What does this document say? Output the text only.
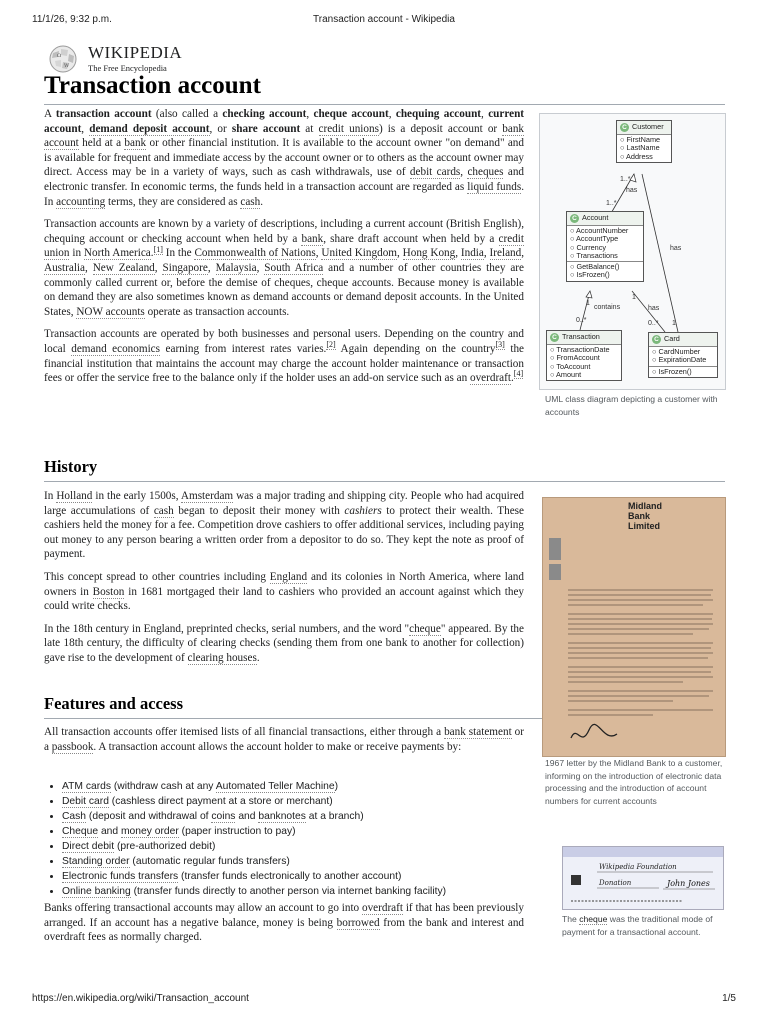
11/1/26, 9:32 p.m.	Transaction account - Wikipedia
Ω
W
WIKIPEDIA
The Free Encyclopedia
Transaction account

A transaction account (also called a checking account, cheque account, chequing account, current account, demand deposit account, or share account at credit unions) is a deposit account or bank account held at a bank or other financial institution. It is available to the account owner "on demand" and is available for frequent and immediate access by the account owner or to others as the account owner may direct. Access may be in a variety of ways, such as cash withdrawals, use of debit cards, cheques and electronic transfer. In economic terms, the funds held in a transaction account are regarded as liquid funds. In accounting terms, they are considered as cash.

Transaction accounts are known by a variety of descriptions, including a current account (British English), chequing account or checking account when held by a bank, share draft account when held by a credit union in North America.[1] In the Commonwealth of Nations, United Kingdom, Hong Kong, India, Ireland, Australia, New Zealand, Singapore, Malaysia, South Africa and a number of other countries they are commonly called current or, before the demise of cheques, cheque accounts. Because money is available on demand they are also sometimes known as demand accounts or demand deposit accounts. In the United States, NOW accounts operate as transaction accounts.

Transaction accounts are operated by both businesses and personal users. Depending on the country and local demand economics earning from interest rates varies.[2] Again depending on the country[3] the financial institution that maintains the account may charge the account holder maintenance or transaction fees or offer the service free to the balance only if the holder uses an add-on service such as an overdraft.[4]

History

In Holland in the early 1500s, Amsterdam was a major trading and shipping city. People who had acquired large accumulations of cash began to deposit their money with cashiers to protect their wealth. These cashiers held the money for a fee. Competition drove cashiers to offer additional services, including paying out money to any person bearing a written order from a depositor to do so. They kept the note as proof of payment.

This concept spread to other countries including England and its colonies in North America, where land owners in Boston in 1681 mortgaged their land to cashiers who provided an account against which they could write checks.

In the 18th century in England, preprinted checks, serial numbers, and the word "cheque" appeared. By the late 18th century, the difficulty of clearing checks (sending them from one bank to another for collection) gave rise to the development of clearing houses.

Features and access

All transaction accounts offer itemised lists of all financial transactions, either through a bank statement or a passbook. A transaction account allows the account holder to make or receive payments by:

• ATM cards (withdraw cash at any Automated Teller Machine)
• Debit card (cashless direct payment at a store or merchant)
• Cash (deposit and withdrawal of coins and banknotes at a branch)
• Cheque and money order (paper instruction to pay)
• Direct debit (pre-authorized debit)
• Standing order (automatic regular funds transfers)
• Electronic funds transfers (transfer funds electronically to another account)
• Online banking (transfer funds directly to another person via internet banking facility)

Banks offering transactional accounts may allow an account to go into overdraft if that has been previously arranged. If an account has a negative balance, money is being borrowed from the bank and interest and overdraft fees as normally charged.

C Customer
○ FirstName
○ LastName
○ Address
C Account
○ AccountNumber
○ AccountType
○ Currency
○ Transactions
○ GetBalance()
○ IsFrozen()
C Transaction
○ TransactionDate
○ FromAccount
○ ToAccount
○ Amount
C Card
○ CardNumber
○ ExpirationDate
○ IsFrozen()
1..*
has
1..*
has
1
contains
0..*
1
has
0..* 1
UML class diagram depicting a customer with accounts
Midland
Bank
Limited
1967 letter by the Midland Bank to a customer, informing on the introduction of electronic data processing and the introduction of account numbers for current accounts
Wikipedia Foundation
Donation	John Jones
The cheque was the traditional mode of payment for a transactional account.
https://en.wikipedia.org/wiki/Transaction_account	1/5
